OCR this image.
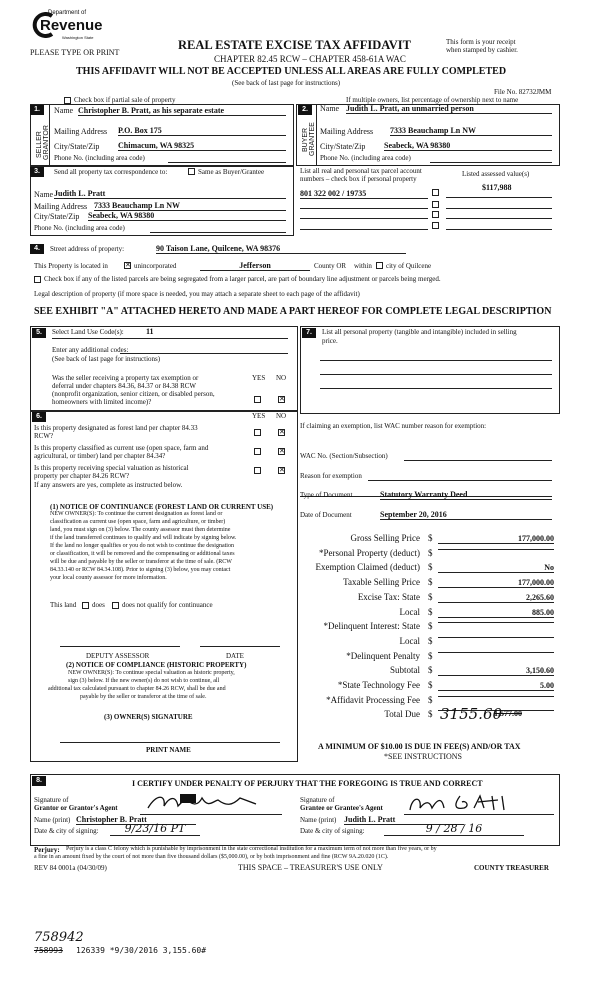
Department of
Revenue
Washington State
PLEASE TYPE OR PRINT
REAL ESTATE EXCISE TAX AFFIDAVIT
CHAPTER 82.45 RCW – CHAPTER 458-61A WAC
This form is your receipt
when stamped by cashier.
THIS AFFIDAVIT WILL NOT BE ACCEPTED UNLESS ALL AREAS ARE FULLY COMPLETED
(See back of last page for instructions)
File No. 82732JMM
Check box if partial sale of property	If multiple owners, list percentage of ownership next to name
1.
SELLER GRANTOR
Name Christopher B. Pratt, as his separate estate
Mailing Address P.O. Box 175
City/State/Zip Chimacum, WA 98325
Phone No. (including area code)
2.
BUYER GRANTEE
Name Judith L. Pratt, an unmarried person
Mailing Address 7333 Beauchamp Ln NW
City/State/Zip Seabeck, WA 98380
Phone No. (including area code)
3.	Send all property tax correspondence to:	Same as Buyer/Grantee
Name Judith L. Pratt
Mailing Address 7333 Beauchamp Ln NW
City/State/Zip Seabeck, WA 98380
Phone No. (including area code)
List all real and personal tax parcel account
numbers – check box if personal property
Listed assessed value(s)
$117,988
801 322 002 / 19735
4.	Street address of property:	90 Taison Lane, Quilcene, WA 98376
This Property is located in ✕ unincorporated	Jefferson	County OR within city of Quilcene
Check box if any of the listed parcels are being segregated from a larger parcel, are part of boundary line adjustment or parcels being merged.
Legal description of property (if more space is needed, you may attach a separate sheet to each page of the affidavit)
SEE EXHIBIT "A" ATTACHED HERETO AND MADE A PART HEREOF FOR COMPLETE LEGAL DESCRIPTION
5.	Select Land Use Code(s):	11
Enter any additional codes:
(See back of last page for instructions)
YES NO
Was the seller receiving a property tax exemption or
deferral under chapters 84.36, 84.37 or 84.38 RCW
(nonprofit organization, senior citizen, or disabled person,
homeowners with limited income)?	✕
6.	YES NO
Is this property designated as forest land per chapter 84.33
RCW?	✕
Is this property classified as current use (open space, farm and
agricultural, or timber) land per chapter 84.34?
✕
Is this property receiving special valuation as historical
property per chapter 84.26 RCW?
✕
If any answers are yes, complete as instructed below.
(1) NOTICE OF CONTINUANCE (FOREST LAND OR CURRENT USE)
NEW OWNER(S): To continue the current designation as forest land or
classification as current use (open space, farm and agriculture, or timber)
land, you must sign on (3) below. The county assessor must then determine
if the land transferred continues to qualify and will indicate by signing below.
If the land no longer qualifies or you do not wish to continue the designation
or classification, it will be removed and the compensating or additional taxes
will be due and payable by the seller or transferor at the time of sale. (RCW
84.33.140 or RCW 84.34.108). Prior to signing (3) below, you may contact
your local county assessor for more information.
This land does does not qualify for continuance
DEPUTY ASSESSOR	DATE
(2) NOTICE OF COMPLIANCE (HISTORIC PROPERTY)
NEW OWNER(S): To continue special valuation as historic property,
sign (3) below. If the new owner(s) do not wish to continue, all
additional tax calculated pursuant to chapter 84.26 RCW, shall be due and
payable by the seller or transferor at the time of sale.
(3) OWNER(S) SIGNATURE
PRINT NAME
7.	List all personal property (tangible and intangible) included in selling
price.
If claiming an exemption, list WAC number reason for exemption:
WAC No. (Section/Subsection)
Reason for exemption
Type of Document	Statutory Warranty Deed
Date of Document	September 20, 2016
Gross Selling Price $	177,000.00
*Personal Property (deduct) $
Exemption Claimed (deduct) $	No
Taxable Selling Price $	177,000.00
Excise Tax: State $	2,265.60
Local $	885.00
*Delinquent Interest: State $
Local $
*Delinquent Penalty $
Subtotal $	3,150.60
*State Technology Fee $	5.00
*Affidavit Processing Fee $
Total Due $ 3155.60
1,577.00
A MINIMUM OF $10.00 IS DUE IN FEE(S) AND/OR TAX
*SEE INSTRUCTIONS
8.	I CERTIFY UNDER PENALTY OF PERJURY THAT THE FOREGOING IS TRUE AND CORRECT
Signature of
Grantor or Grantor's Agent
Name (print) Christopher B. Pratt
Date & city of signing:	9/23/16 PT
Signature of
Grantee or Grantee's Agent
Name (print) Judith L. Pratt
Date & city of signing:	9 / 28 / 16
Perjury: Perjury is a class C felony which is punishable by imprisonment in the state correctional institution for a maximum term of not more than five years, or by
a fine in an amount fixed by the court of not more than five thousand dollars ($5,000.00), or by both imprisonment and fine (RCW 9A.20.020 (1C).
REV 84 0001a (04/30/09)	THIS SPACE – TREASURER'S USE ONLY	COUNTY TREASURER
758942
758993 126339 *9/30/2016 3,155.60#
